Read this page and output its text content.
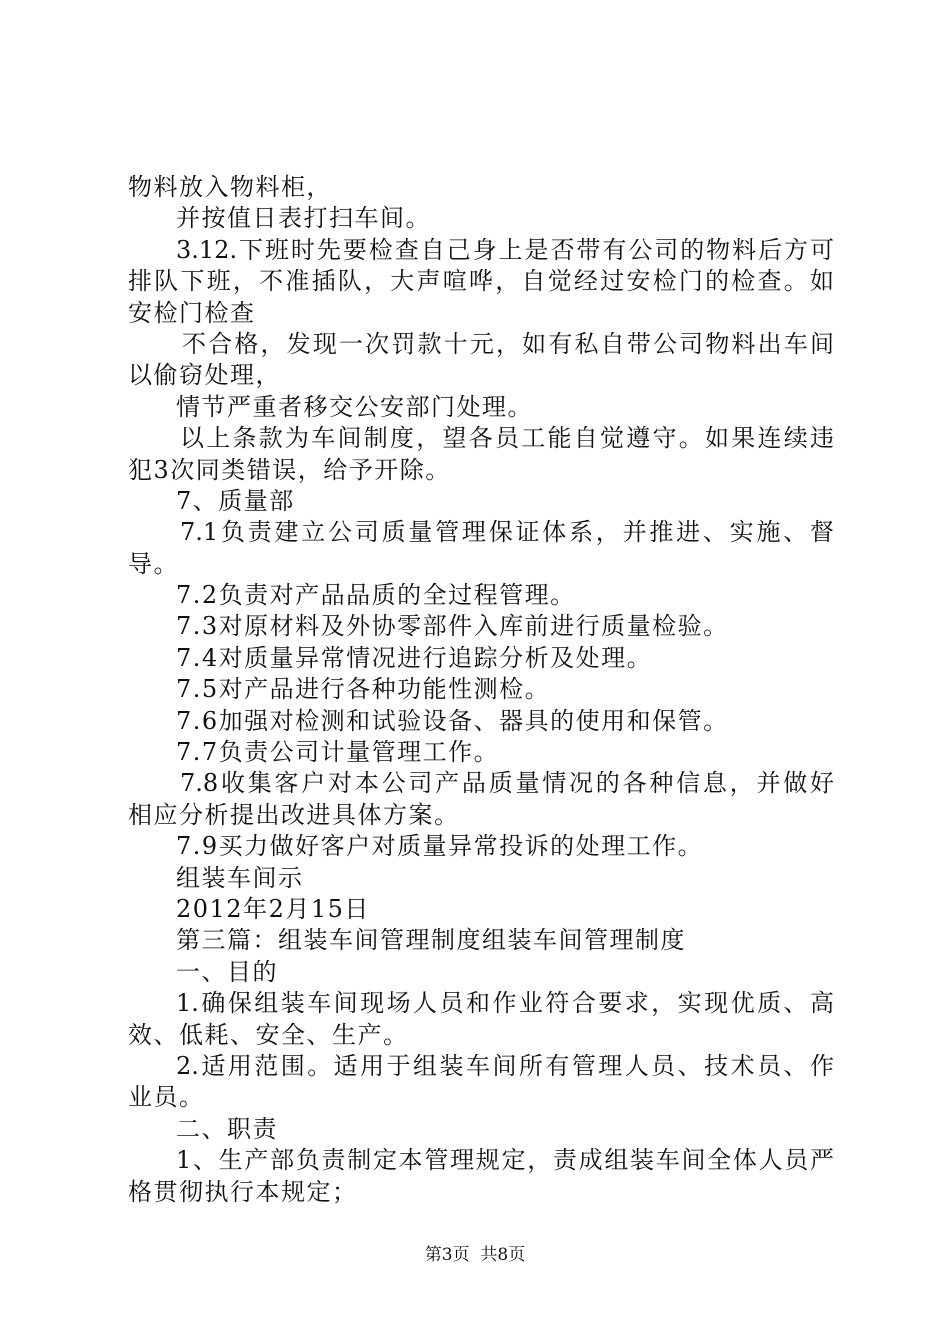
物料放入物料柜，
并按值日表打扫车间。
3.12.下班时先要检查自己身上是否带有公司的物料后方可
排队下班，不准插队，大声喧哗，自觉经过安检门的检查。如
安检门检查
不合格，发现一次罚款十元，如有私自带公司物料出车间
以偷窃处理，
情节严重者移交公安部门处理。
以上条款为车间制度，望各员工能自觉遵守。如果连续违
犯3次同类错误，给予开除。
7、质量部
7.1负责建立公司质量管理保证体系，并推进、实施、督
导。
7.2负责对产品品质的全过程管理。
7.3对原材料及外协零部件入库前进行质量检验。
7.4对质量异常情况进行追踪分析及处理。
7.5对产品进行各种功能性测检。
7.6加强对检测和试验设备、器具的使用和保管。
7.7负责公司计量管理工作。
7.8收集客户对本公司产品质量情况的各种信息，并做好
相应分析提出改进具体方案。
7.9买力做好客户对质量异常投诉的处理工作。
组装车间示
2012年2月15日
第三篇：组装车间管理制度组装车间管理制度
一、目的
1.确保组装车间现场人员和作业符合要求，实现优质、高
效、低耗、安全、生产。
2.适用范围。适用于组装车间所有管理人员、技术员、作
业员。
二、职责
1、生产部负责制定本管理规定，责成组装车间全体人员严
格贯彻执行本规定；
第3页 共8页
